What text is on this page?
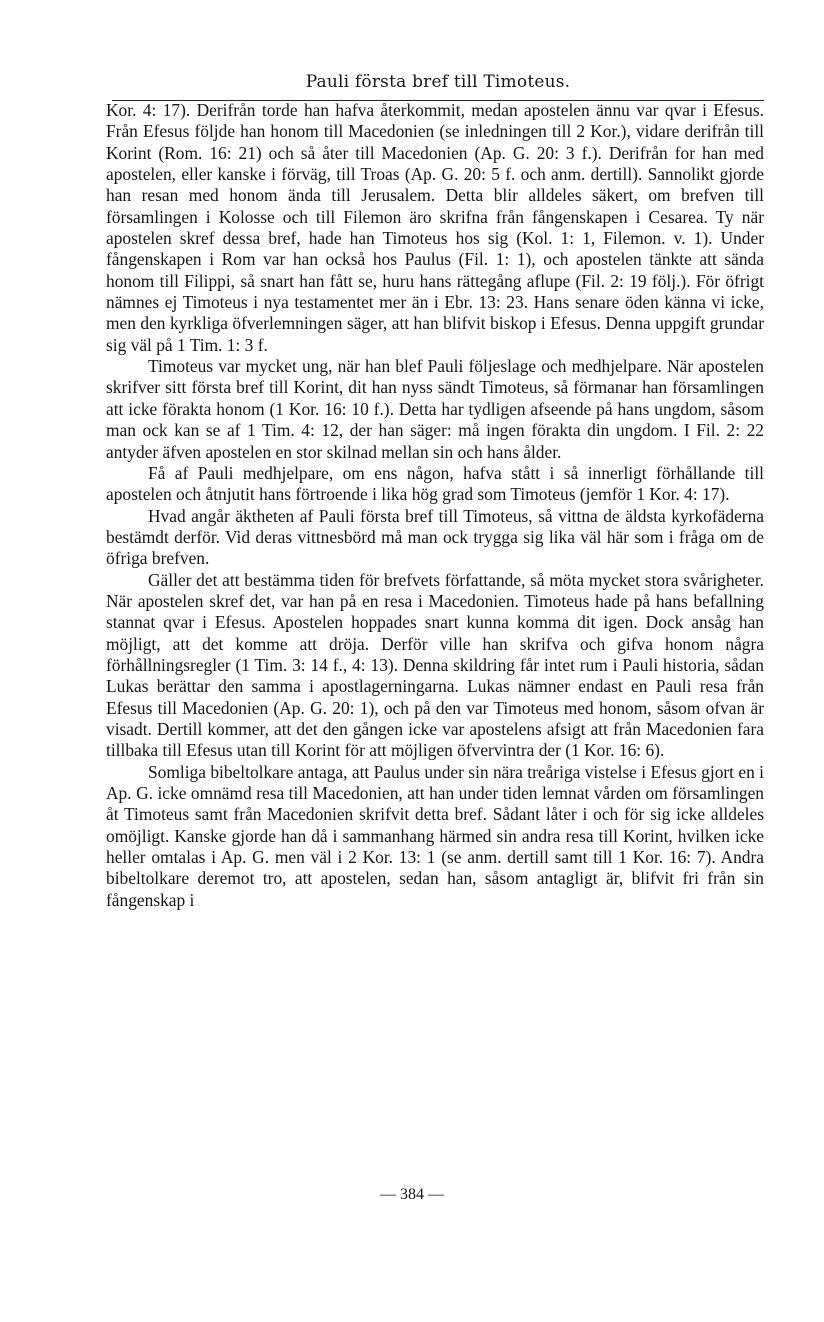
Pauli första bref till Timoteus.

Kor. 4: 17). Derifrån torde han hafva återkommit, medan apostelen ännu var qvar i Efesus. Från Efesus följde han honom till Macedonien (se inledningen till 2 Kor.), vidare derifrån till Korint (Rom. 16: 21) och så åter till Macedonien (Ap. G. 20: 3 f.). Derifrån for han med apostelen, eller kanske i förväg, till Troas (Ap. G. 20: 5 f. och anm. dertill). Sannolikt gjorde han resan med honom ända till Jerusalem. Detta blir alldeles säkert, om brefven till församlingen i Kolosse och till Filemon äro skrifna från fångenskapen i Cesarea. Ty när apostelen skref dessa bref, hade han Timoteus hos sig (Kol. 1: 1, Filemon. v. 1). Under fångenskapen i Rom var han också hos Paulus (Fil. 1: 1), och apostelen tänkte att sända honom till Filippi, så snart han fått se, huru hans rättegång aflupe (Fil. 2: 19 följ.). För öfrigt nämnes ej Timoteus i nya testamentet mer än i Ebr. 13: 23. Hans senare öden känna vi icke, men den kyrkliga öfverlemningen säger, att han blifvit biskop i Efesus. Denna uppgift grundar sig väl på 1 Tim. 1: 3 f.

Timoteus var mycket ung, när han blef Pauli följeslage och medhjelpare. När apostelen skrifver sitt första bref till Korint, dit han nyss sändt Timoteus, så förmanar han församlingen att icke förakta honom (1 Kor. 16: 10 f.). Detta har tydligen afseende på hans ungdom, såsom man ock kan se af 1 Tim. 4: 12, der han säger: må ingen förakta din ungdom. I Fil. 2: 22 antyder äfven apostelen en stor skilnad mellan sin och hans ålder.

Få af Pauli medhjelpare, om ens någon, hafva stått i så innerligt förhållande till apostelen och åtnjutit hans förtroende i lika hög grad som Timoteus (jemför 1 Kor. 4: 17).

Hvad angår äktheten af Pauli första bref till Timoteus, så vittna de äldsta kyrkofäderna bestämdt derför. Vid deras vittnesbörd må man ock trygga sig lika väl här som i fråga om de öfriga brefven.

Gäller det att bestämma tiden för brefvets författande, så möta mycket stora svårigheter. När apostelen skref det, var han på en resa i Macedonien. Timoteus hade på hans befallning stannat qvar i Efesus. Apostelen hoppades snart kunna komma dit igen. Dock ansåg han möjligt, att det komme att dröja. Derför ville han skrifva och gifva honom några förhållningsregler (1 Tim. 3: 14 f., 4: 13). Denna skildring får intet rum i Pauli historia, sådan Lukas berättar den samma i apostlagerningarna. Lukas nämner endast en Pauli resa från Efesus till Macedonien (Ap. G. 20: 1), och på den var Timoteus med honom, såsom ofvan är visadt. Dertill kommer, att det den gången icke var apostelens afsigt att från Macedonien fara tillbaka till Efesus utan till Korint för att möjligen öfvervintra der (1 Kor. 16: 6).

Somliga bibeltolkare antaga, att Paulus under sin nära treåriga vistelse i Efesus gjort en i Ap. G. icke omnämd resa till Macedonien, att han under tiden lemnat vården om församlingen åt Timoteus samt från Macedonien skrifvit detta bref. Sådant låter i och för sig icke alldeles omöjligt. Kanske gjorde han då i sammanhang härmed sin andra resa till Korint, hvilken icke heller omtalas i Ap. G. men väl i 2 Kor. 13: 1 (se anm. dertill samt till 1 Kor. 16: 7). Andra bibeltolkare deremot tro, att apostelen, sedan han, såsom antagligt är, blifvit fri från sin fångenskap i

— 384 —
